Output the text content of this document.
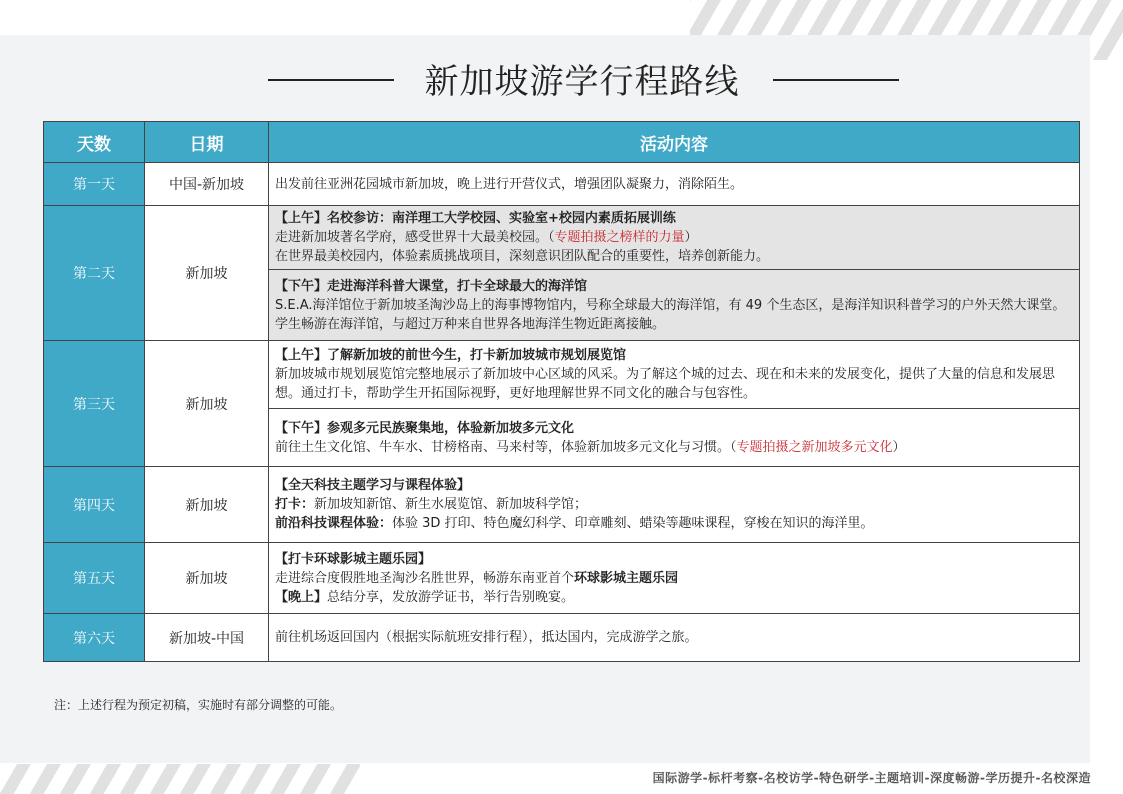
新加坡游学行程路线
天数	日期	活动内容
第一天	中国-新加坡	出发前往亚洲花园城市新加坡，晚上进行开营仪式，增强团队凝聚力，消除陌生。
第二天	新加坡	【上午】名校参访：南洋理工大学校园、实验室+校园内素质拓展训练
走进新加坡著名学府，感受世界十大最美校园。（专题拍摄之榜样的力量）
在世界最美校园内，体验素质挑战项目，深刻意识团队配合的重要性，培养创新能力。

		【下午】走进海洋科普大课堂，打卡全球最大的海洋馆
S.E.A.海洋馆位于新加坡圣淘沙岛上的海事博物馆内，号称全球最大的海洋馆，有 49 个生态区，是海洋知识科普学习的户外天然大课堂。学生畅游在海洋馆，与超过万种来自世界各地海洋生物近距离接触。

第三天	新加坡	【上午】了解新加坡的前世今生，打卡新加坡城市规划展览馆
新加坡城市规划展览馆完整地展示了新加坡中心区域的风采。为了解这个城的过去、现在和未来的发展变化，提供了大量的信息和发展思想。通过打卡，帮助学生开拓国际视野，更好地理解世界不同文化的融合与包容性。

		【下午】参观多元民族聚集地，体验新加坡多元文化
前往土生文化馆、牛车水、甘榜格南、马来村等，体验新加坡多元文化与习惯。（专题拍摄之新加坡多元文化）

第四天	新加坡	【全天科技主题学习与课程体验】
打卡：新加坡知新馆、新生水展览馆、新加坡科学馆；
前沿科技课程体验：体验 3D 打印、特色魔幻科学、印章雕刻、蜡染等趣味课程，穿梭在知识的海洋里。

第五天	新加坡	【打卡环球影城主题乐园】
走进综合度假胜地圣淘沙名胜世界，畅游东南亚首个环球影城主题乐园
【晚上】总结分享，发放游学证书，举行告别晚宴。

第六天	新加坡-中国	前往机场返回国内（根据实际航班安排行程），抵达国内，完成游学之旅。
注：上述行程为预定初稿，实施时有部分调整的可能。
国际游学-标杆考察-名校访学-特色研学-主题培训-深度畅游-学历提升-名校深造
